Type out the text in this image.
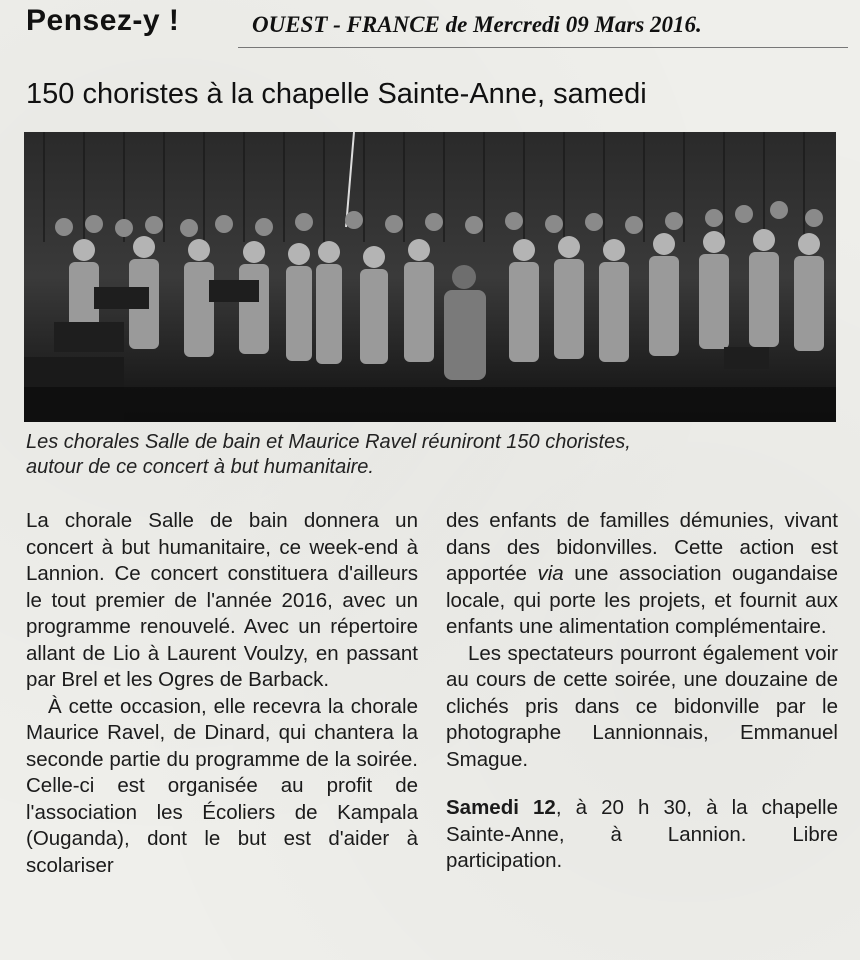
Pensez-y !	OUEST - FRANCE de Mercredi 09 Mars 2016.
150 choristes à la chapelle Sainte-Anne, samedi
Les chorales Salle de bain et Maurice Ravel réuniront 150 choristes,
autour de ce concert à but humanitaire.

La chorale Salle de bain donnera un concert à but humanitaire, ce week-end à Lannion. Ce concert constituera d'ailleurs le tout premier de l'année 2016, avec un programme renouvelé. Avec un répertoire allant de Lio à Laurent Voulzy, en passant par Brel et les Ogres de Barback.

À cette occasion, elle recevra la chorale Maurice Ravel, de Dinard, qui chantera la seconde partie du programme de la soirée. Celle-ci est organisée au profit de l'association les Écoliers de Kampala (Ouganda), dont le but est d'aider à scolariser

des enfants de familles démunies, vivant dans des bidonvilles. Cette action est apportée via une association ougandaise locale, qui porte les projets, et fournit aux enfants une alimentation complémentaire.

Les spectateurs pourront également voir au cours de cette soirée, une douzaine de clichés pris dans ce bidonville par le photographe Lannionnais, Emmanuel Smague.

Samedi 12, à 20 h 30, à la chapelle Sainte-Anne, à Lannion. Libre participation.
